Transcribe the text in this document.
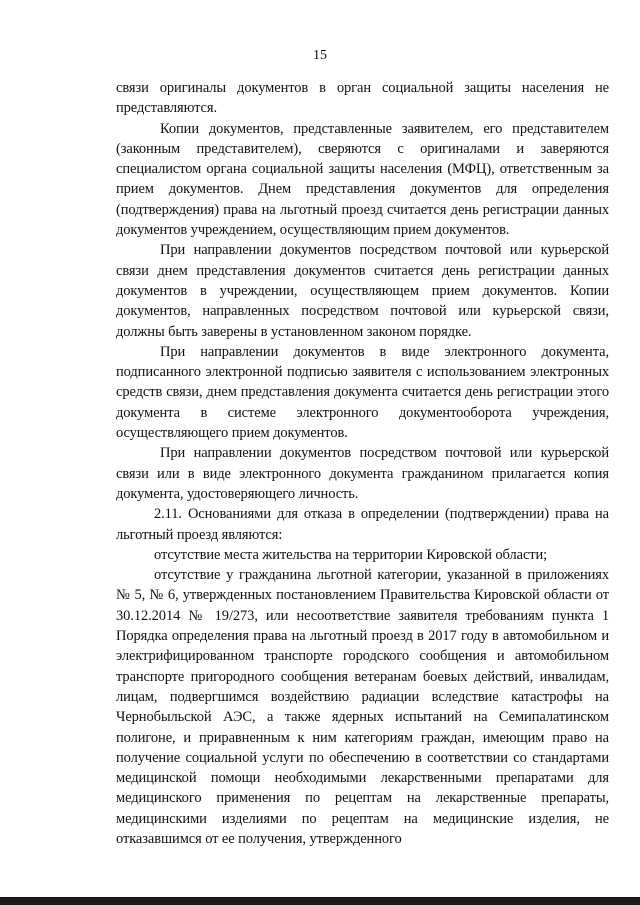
15

связи оригиналы документов в орган социальной защиты населения не представляются.

Копии документов, представленные заявителем, его представителем (законным представителем), сверяются с оригиналами и заверяются специалистом органа социальной защиты населения (МФЦ), ответственным за прием документов. Днем представления документов для определения (подтверждения) права на льготный проезд считается день регистрации данных документов учреждением, осуществляющим прием документов.

При направлении документов посредством почтовой или курьерской связи днем представления документов считается день регистрации данных документов в учреждении, осуществляющем прием документов. Копии документов, направленных посредством почтовой или курьерской связи, должны быть заверены в установленном законом порядке.

При направлении документов в виде электронного документа, подписанного электронной подписью заявителя с использованием электронных средств связи, днем представления документа считается день регистрации этого документа в системе электронного документооборота учреждения, осуществляющего прием документов.

При направлении документов посредством почтовой или курьерской связи или в виде электронного документа гражданином прилагается копия документа, удостоверяющего личность.

2.11. Основаниями для отказа в определении (подтверждении) права на льготный проезд являются:

отсутствие места жительства на территории Кировской области;

отсутствие у гражданина льготной категории, указанной в приложениях № 5, № 6, утвержденных постановлением Правительства Кировской области от 30.12.2014 № 19/273, или несоответствие заявителя требованиям пункта 1 Порядка определения права на льготный проезд в 2017 году в автомобильном и электрифицированном транспорте городского сообщения и автомобильном транспорте пригородного сообщения ветеранам боевых действий, инвалидам, лицам, подвергшимся воздействию радиации вследствие катастрофы на Чернобыльской АЭС, а также ядерных испытаний на Семипалатинском полигоне, и приравненным к ним категориям граждан, имеющим право на получение социальной услуги по обеспечению в соответствии со стандартами медицинской помощи необходимыми лекарственными препаратами для медицинского применения по рецептам на лекарственные препараты, медицинскими изделиями по рецептам на медицинские изделия, не отказавшимся от ее получения, утвержденного
